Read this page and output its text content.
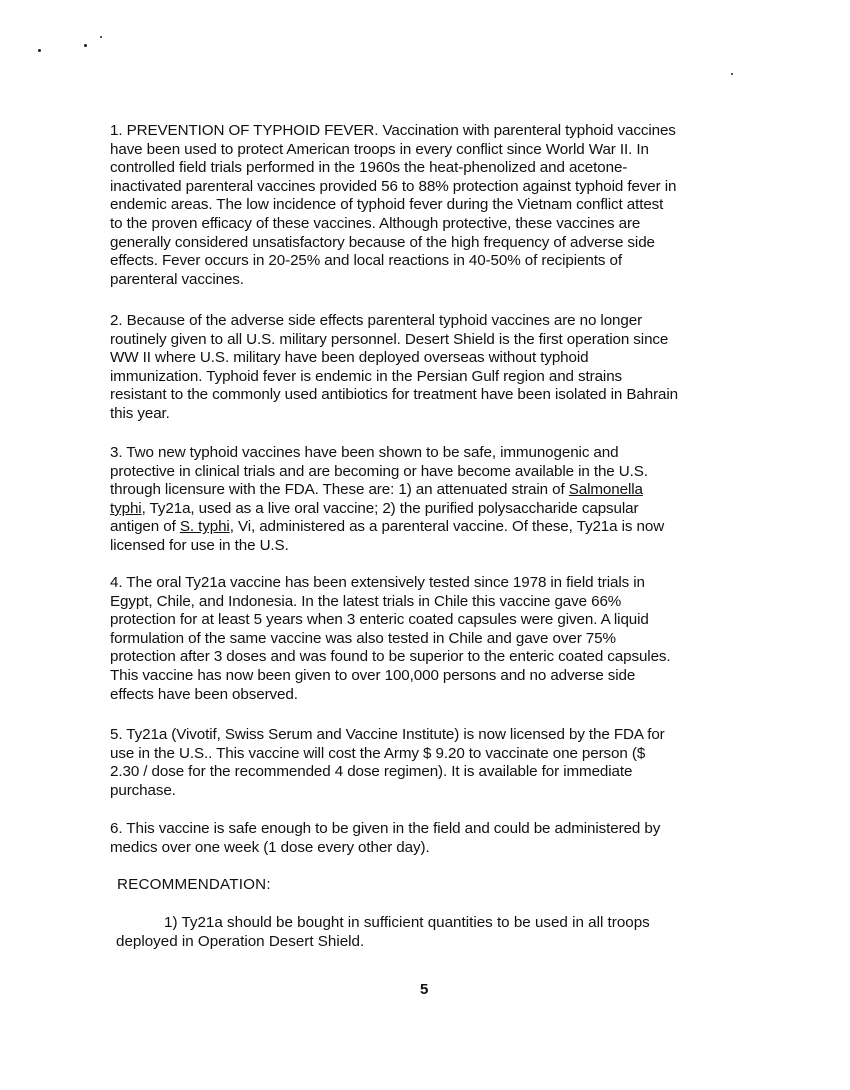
1. PREVENTION OF TYPHOID FEVER. Vaccination with parenteral typhoid vaccines
have been used to protect American troops in every conflict since World War II. In
controlled field trials performed in the 1960s the heat-phenolized and acetone-
inactivated parenteral vaccines provided 56 to 88% protection against typhoid fever in
endemic areas. The low incidence of typhoid fever during the Vietnam conflict attest
to the proven efficacy of these vaccines. Although protective, these vaccines are
generally considered unsatisfactory because of the high frequency of adverse side
effects. Fever occurs in 20-25% and local reactions in 40-50% of recipients of
parenteral vaccines.
2. Because of the adverse side effects parenteral typhoid vaccines are no longer
routinely given to all U.S. military personnel. Desert Shield is the first operation since
WW II where U.S. military have been deployed overseas without typhoid
immunization. Typhoid fever is endemic in the Persian Gulf region and strains
resistant to the commonly used antibiotics for treatment have been isolated in Bahrain
this year.
3. Two new typhoid vaccines have been shown to be safe, immunogenic and
protective in clinical trials and are becoming or have become available in the U.S.
through licensure with the FDA. These are: 1) an attenuated strain of Salmonella
typhi, Ty21a, used as a live oral vaccine; 2) the purified polysaccharide capsular
antigen of S. typhi, Vi, administered as a parenteral vaccine. Of these, Ty21a is now
licensed for use in the U.S.
4. The oral Ty21a vaccine has been extensively tested since 1978 in field trials in
Egypt, Chile, and Indonesia. In the latest trials in Chile this vaccine gave 66%
protection for at least 5 years when 3 enteric coated capsules were given. A liquid
formulation of the same vaccine was also tested in Chile and gave over 75%
protection after 3 doses and was found to be superior to the enteric coated capsules.
This vaccine has now been given to over 100,000 persons and no adverse side
effects have been observed.
5. Ty21a (Vivotif, Swiss Serum and Vaccine Institute) is now licensed by the FDA for
use in the U.S.. This vaccine will cost the Army $ 9.20 to vaccinate one person ($
2.30 / dose for the recommended 4 dose regimen). It is available for immediate
purchase.
6. This vaccine is safe enough to be given in the field and could be administered by
medics over one week (1 dose every other day).
RECOMMENDATION:
1) Ty21a should be bought in sufficient quantities to be used in all troops
deployed in Operation Desert Shield.
5
